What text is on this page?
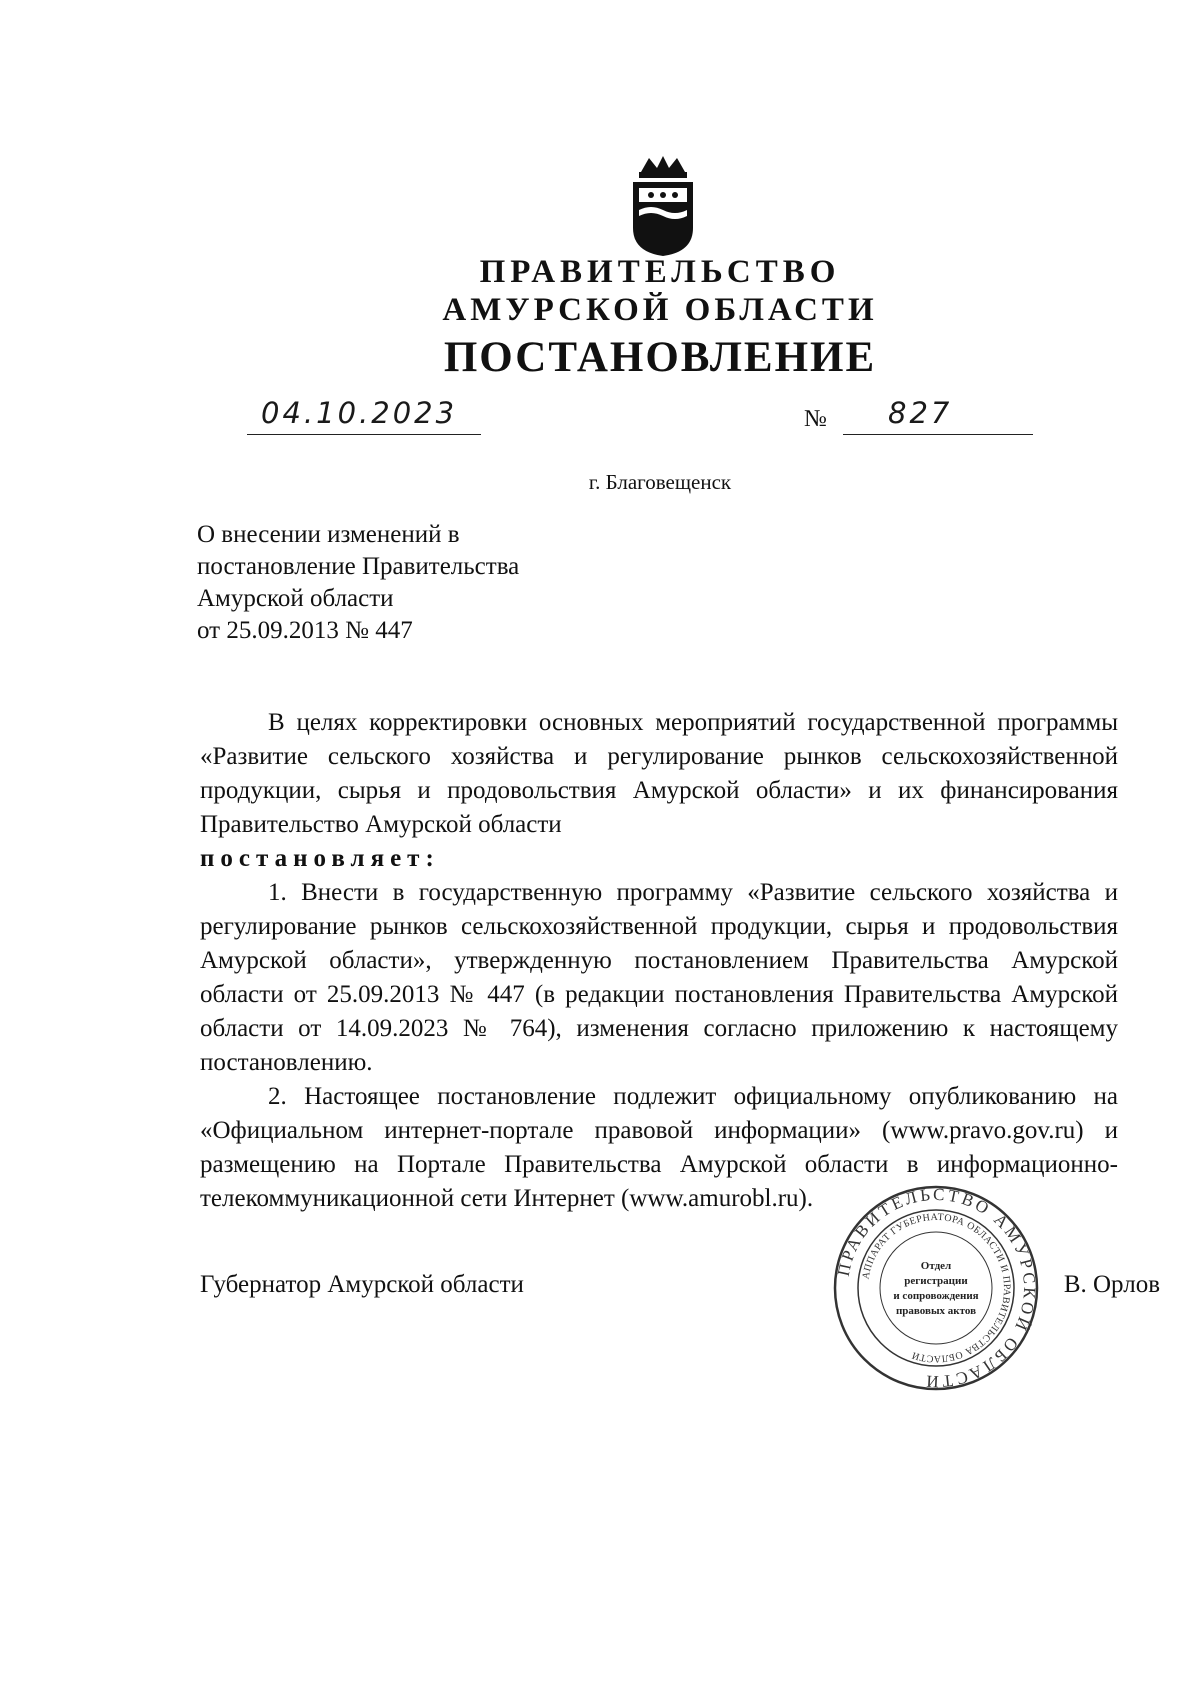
ПРАВИТЕЛЬСТВО
АМУРСКОЙ ОБЛАСТИ
ПОСТАНОВЛЕНИЕ
04.10.2023	№ 827
г. Благовещенск
О внесении изменений в
постановление Правительства
Амурской области
от 25.09.2013 № 447

В целях корректировки основных мероприятий государственной программы «Развитие сельского хозяйства и регулирование рынков сельскохозяйственной продукции, сырья и продовольствия Амурской области» и их финансирования Правительство Амурской области

постановляет:

1. Внести в государственную программу «Развитие сельского хозяйства и регулирование рынков сельскохозяйственной продукции, сырья и продовольствия Амурской области», утвержденную постановлением Правительства Амурской области от 25.09.2013 № 447 (в редакции постановления Правительства Амурской области от 14.09.2023 № 764), изменения согласно приложению к настоящему постановлению.

2. Настоящее постановление подлежит официальному опубликованию на «Официальном интернет-портале правовой информации» (www.pravo.gov.ru) и размещению на Портале Правительства Амурской области в информационно-телекоммуникационной сети Интернет (www.amurobl.ru).

Губернатор Амурской области	В. Орлов
ПРАВИТЕЛЬСТВО АМУРСКОЙ ОБЛАСТИ
АППАРАТ ГУБЕРНАТОРА ОБЛАСТИ И ПРАВИТЕЛЬСТВА ОБЛАСТИ
Отдел
регистрации
и сопровождения
правовых актов
